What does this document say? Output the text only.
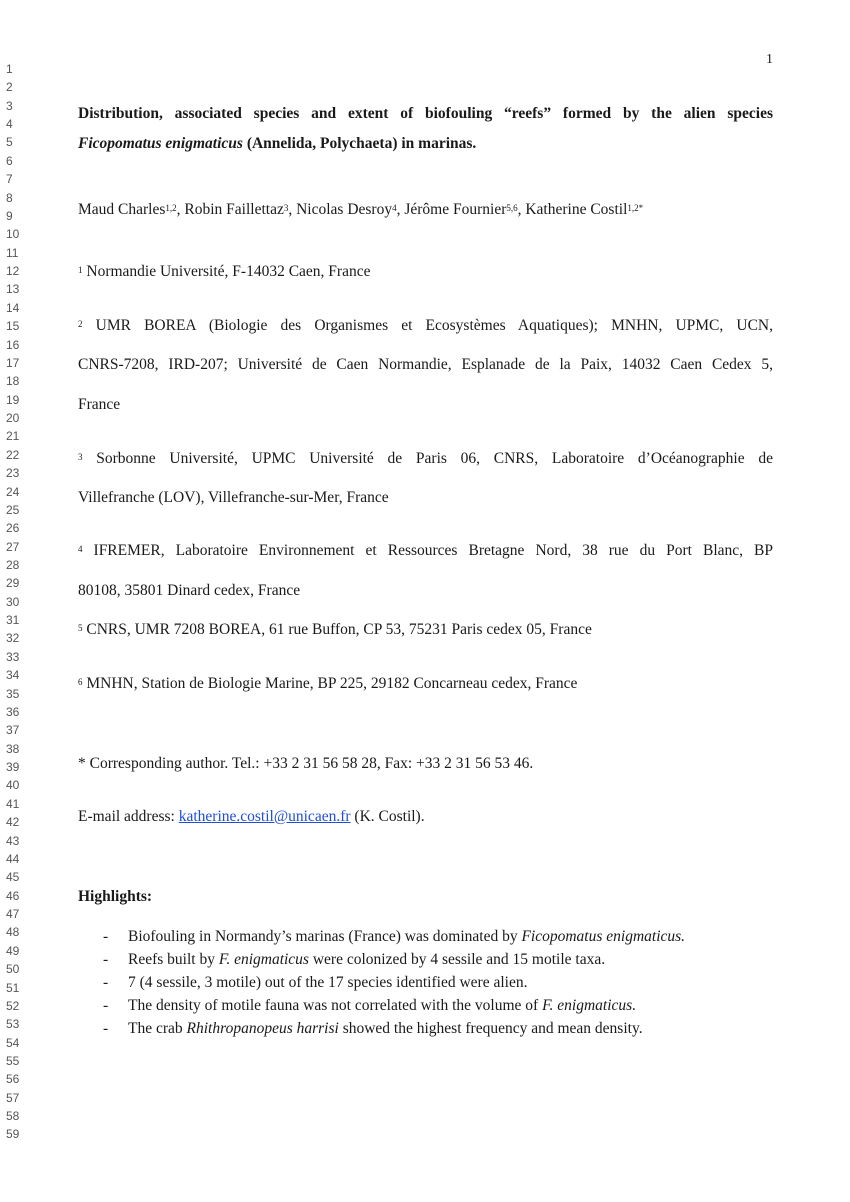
1
2
3
4
5
6
7
8
9
10
11
12
13
14
15
16
17
18
19
20
21
22
23
24
25
26
27
28
29
30
31
32
33
34
35
36
37
38
39
40
41
42
43
44
45
46
47
48
49
50
51
52
53
54
55
56
57
58
59
1
Distribution, associated species and extent of biofouling “reefs” formed by the alien species
Ficopomatus enigmaticus (Annelida, Polychaeta) in marinas.
Maud Charles$^{1,2}$, Robin Faillettaz$^3$, Nicolas Desroy$^4$, Jérôme Fournier$^{5,6}$, Katherine Costil$^{1,2*}$
$^1$ Normandie Université, F-14032 Caen, France
$^2$ UMR BOREA (Biologie des Organismes et Ecosystèmes Aquatiques); MNHN, UPMC, UCN,
CNRS-7208, IRD-207; Université de Caen Normandie, Esplanade de la Paix, 14032 Caen Cedex 5,
France
$^3$ Sorbonne Université, UPMC Université de Paris 06, CNRS, Laboratoire d’Océanographie de
Villefranche (LOV), Villefranche-sur-Mer, France
$^4$ IFREMER, Laboratoire Environnement et Ressources Bretagne Nord, 38 rue du Port Blanc, BP
80108, 35801 Dinard cedex, France
$^5$ CNRS, UMR 7208 BOREA, 61 rue Buffon, CP 53, 75231 Paris cedex 05, France
$^6$ MNHN, Station de Biologie Marine, BP 225, 29182 Concarneau cedex, France
* Corresponding author. Tel.: +33 2 31 56 58 28, Fax: +33 2 31 56 53 46.
E-mail address: katherine.costil@unicaen.fr (K. Costil).
Highlights:
- Biofouling in Normandy’s marinas (France) was dominated by Ficopomatus enigmaticus.
- Reefs built by F. enigmaticus were colonized by 4 sessile and 15 motile taxa.
- 7 (4 sessile, 3 motile) out of the 17 species identified were alien.
- The density of motile fauna was not correlated with the volume of F. enigmaticus.
- The crab Rhithropanopeus harrisi showed the highest frequency and mean density.
